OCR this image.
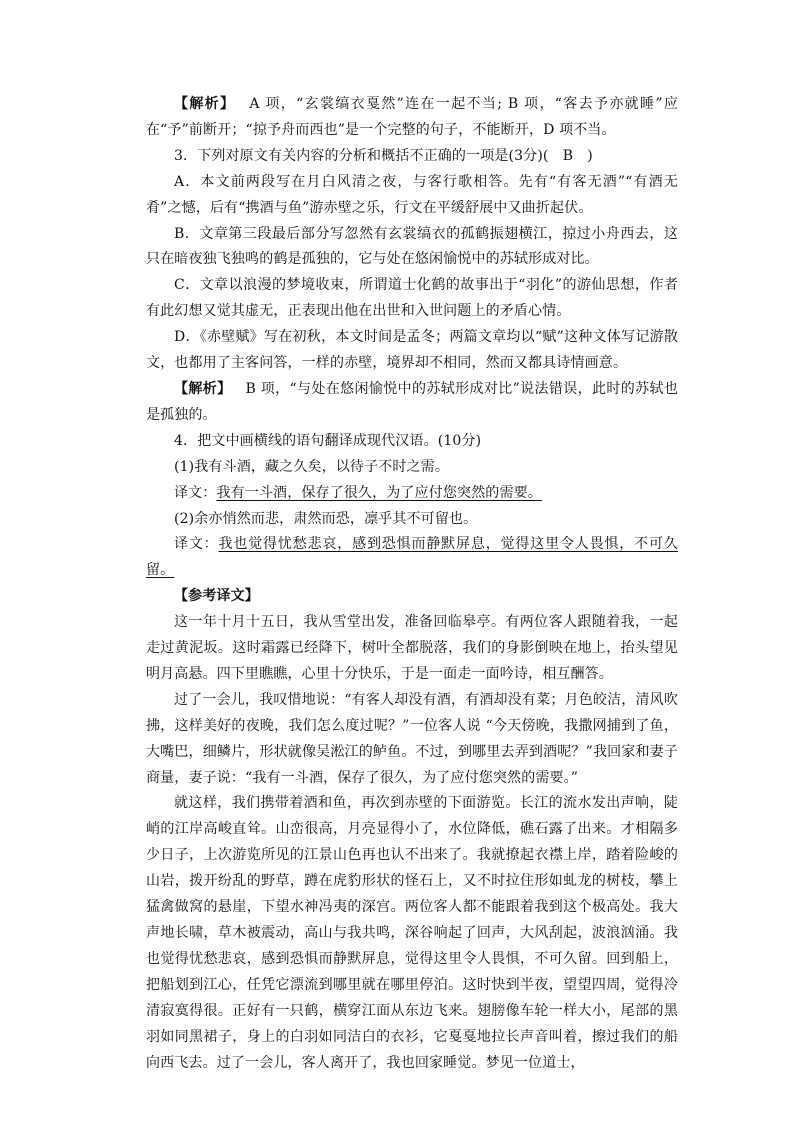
【解析】 A 项，“玄裳缟衣戛然”连在一起不当; B 项，“客去予亦就睡”应在“予”前断开；“掠予舟而西也”是一个完整的句子，不能断开，D 项不当。

3．下列对原文有关内容的分析和概括不正确的一项是(3分)(　B　)

A．本文前两段写在月白风清之夜，与客行歌相答。先有“有客无酒”“有酒无肴”之憾，后有“携酒与鱼”游赤壁之乐，行文在平缓舒展中又曲折起伏。

B．文章第三段最后部分写忽然有玄裳缟衣的孤鹤振翅横江，掠过小舟西去，这只在暗夜独飞独鸣的鹤是孤独的，它与处在悠闲愉悦中的苏轼形成对比。

C．文章以浪漫的梦境收束，所谓道士化鹤的故事出于“羽化”的游仙思想，作者有此幻想又觉其虚无，正表现出他在出世和入世问题上的矛盾心情。

D．《赤壁赋》写在初秋，本文时间是孟冬；两篇文章均以“赋”这种文体写记游散文，也都用了主客问答，一样的赤壁，境界却不相同，然而又都具诗情画意。

【解析】 B 项，“与处在悠闲愉悦中的苏轼形成对比”说法错误，此时的苏轼也是孤独的。

4．把文中画横线的语句翻译成现代汉语。(10分)

(1)我有斗酒，藏之久矣，以待子不时之需。

译文：我有一斗酒，保存了很久，为了应付您突然的需要。

(2)余亦悄然而悲，肃然而恐，凛乎其不可留也。

译文：我也觉得忧愁悲哀，感到恐惧而静默屏息，觉得这里令人畏惧，不可久留。

【参考译文】

这一年十月十五日，我从雪堂出发，准备回临皋亭。有两位客人跟随着我，一起走过黄泥坂。这时霜露已经降下，树叶全都脱落，我们的身影倒映在地上，抬头望见明月高悬。四下里瞧瞧，心里十分快乐，于是一面走一面吟诗，相互酬答。

过了一会儿，我叹惜地说：“有客人却没有酒，有酒却没有菜；月色皎洁，清风吹拂，这样美好的夜晚，我们怎么度过呢？”一位客人说 “今天傍晚，我撒网捕到了鱼，大嘴巴，细鳞片，形状就像吴淞江的鲈鱼。不过，到哪里去弄到酒呢？”我回家和妻子商量，妻子说：“我有一斗酒，保存了很久，为了应付您突然的需要。”

就这样，我们携带着酒和鱼，再次到赤壁的下面游览。长江的流水发出声响，陡峭的江岸高峻直耸。山峦很高，月亮显得小了，水位降低，礁石露了出来。才相隔多少日子，上次游览所见的江景山色再也认不出来了。我就撩起衣襟上岸，踏着险峻的山岩，拨开纷乱的野草，蹲在虎豹形状的怪石上，又不时拉住形如虬龙的树枝，攀上猛禽做窝的悬崖，下望水神冯夷的深宫。两位客人都不能跟着我到这个极高处。我大声地长啸，草木被震动，高山与我共鸣，深谷响起了回声，大风刮起，波浪汹涌。我也觉得忧愁悲哀，感到恐惧而静默屏息，觉得这里令人畏惧，不可久留。回到船上，把船划到江心，任凭它漂流到哪里就在哪里停泊。这时快到半夜，望望四周，觉得冷清寂寞得很。正好有一只鹤，横穿江面从东边飞来。翅膀像车轮一样大小，尾部的黑羽如同黑裙子，身上的白羽如同洁白的衣衫，它戛戛地拉长声音叫着，擦过我们的船向西飞去。过了一会儿，客人离开了，我也回家睡觉。梦见一位道士，
